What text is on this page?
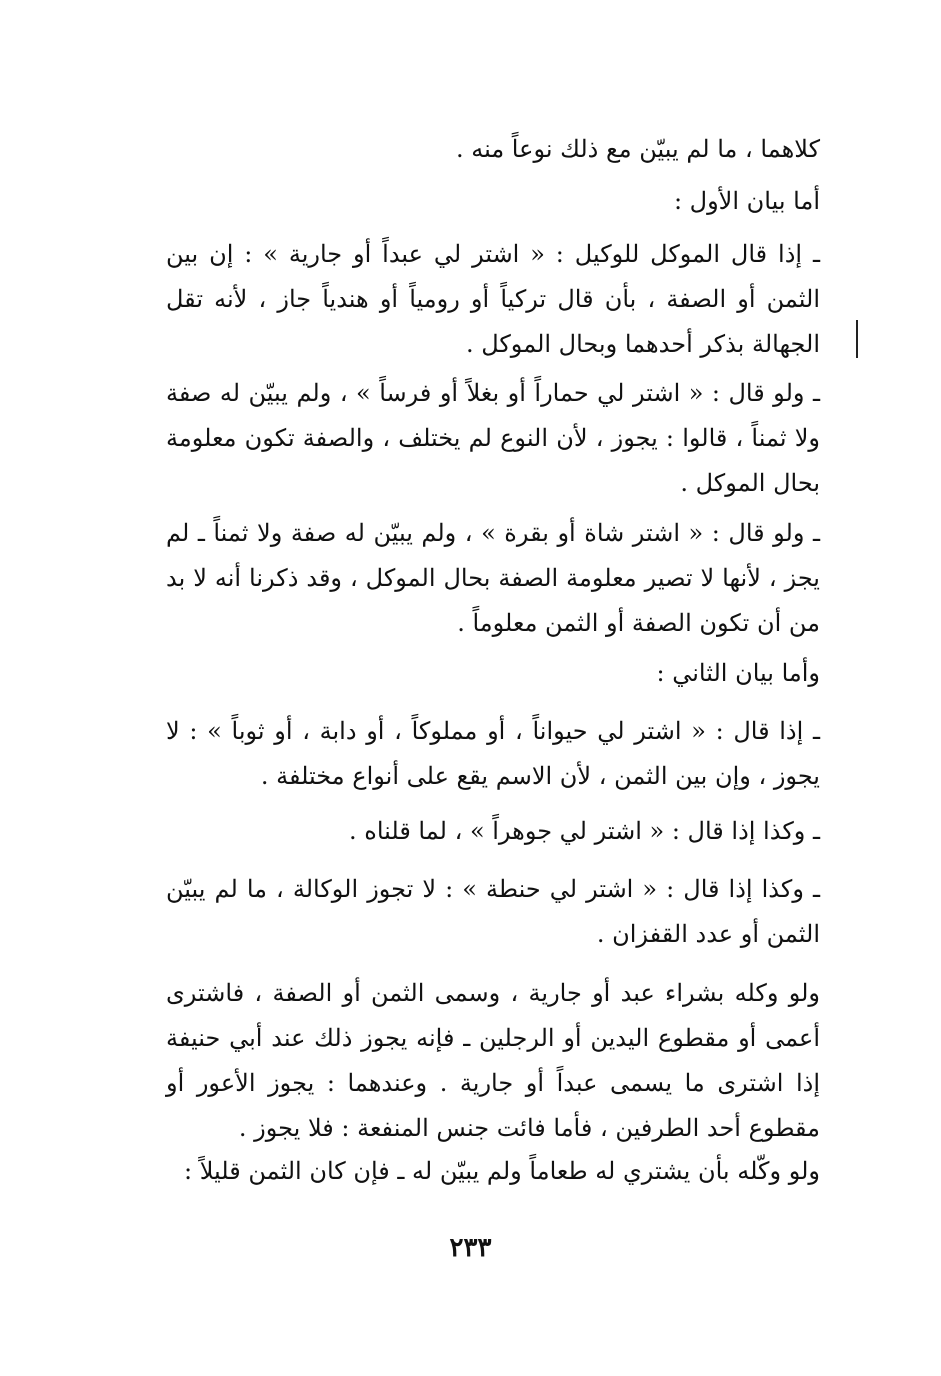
كلاهما ، ما لم يبيّن مع ذلك نوعاً منه .

أما بيان الأول :

ـ إذا قال الموكل للوكيل : « اشتر لي عبداً أو جارية » : إن بين الثمن أو الصفة ، بأن قال تركياً أو رومياً أو هندياً جاز ، لأنه تقل الجهالة بذكر أحدهما وبحال الموكل .

ـ ولو قال : « اشتر لي حماراً أو بغلاً أو فرساً » ، ولم يبيّن له صفة ولا ثمناً ، قالوا : يجوز ، لأن النوع لم يختلف ، والصفة تكون معلومة بحال الموكل .

ـ ولو قال : « اشتر شاة أو بقرة » ، ولم يبيّن له صفة ولا ثمناً ـ لم يجز ، لأنها لا تصير معلومة الصفة بحال الموكل ، وقد ذكرنا أنه لا بد من أن تكون الصفة أو الثمن معلوماً .

وأما بيان الثاني :

ـ إذا قال : « اشتر لي حيواناً ، أو مملوكاً ، أو دابة ، أو ثوباً » : لا يجوز ، وإن بين الثمن ، لأن الاسم يقع على أنواع مختلفة .

ـ وكذا إذا قال : « اشتر لي جوهراً » ، لما قلناه .

ـ وكذا إذا قال : « اشتر لي حنطة » : لا تجوز الوكالة ، ما لم يبيّن الثمن أو عدد القفزان .

ولو وكله بشراء عبد أو جارية ، وسمى الثمن أو الصفة ، فاشترى أعمى أو مقطوع اليدين أو الرجلين ـ فإنه يجوز ذلك عند أبي حنيفة إذا اشترى ما يسمى عبداً أو جارية . وعندهما : يجوز الأعور أو مقطوع أحد الطرفين ، فأما فائت جنس المنفعة : فلا يجوز .

ولو وكّله بأن يشتري له طعاماً ولم يبيّن له ـ فإن كان الثمن قليلاً :

٢٣٣
